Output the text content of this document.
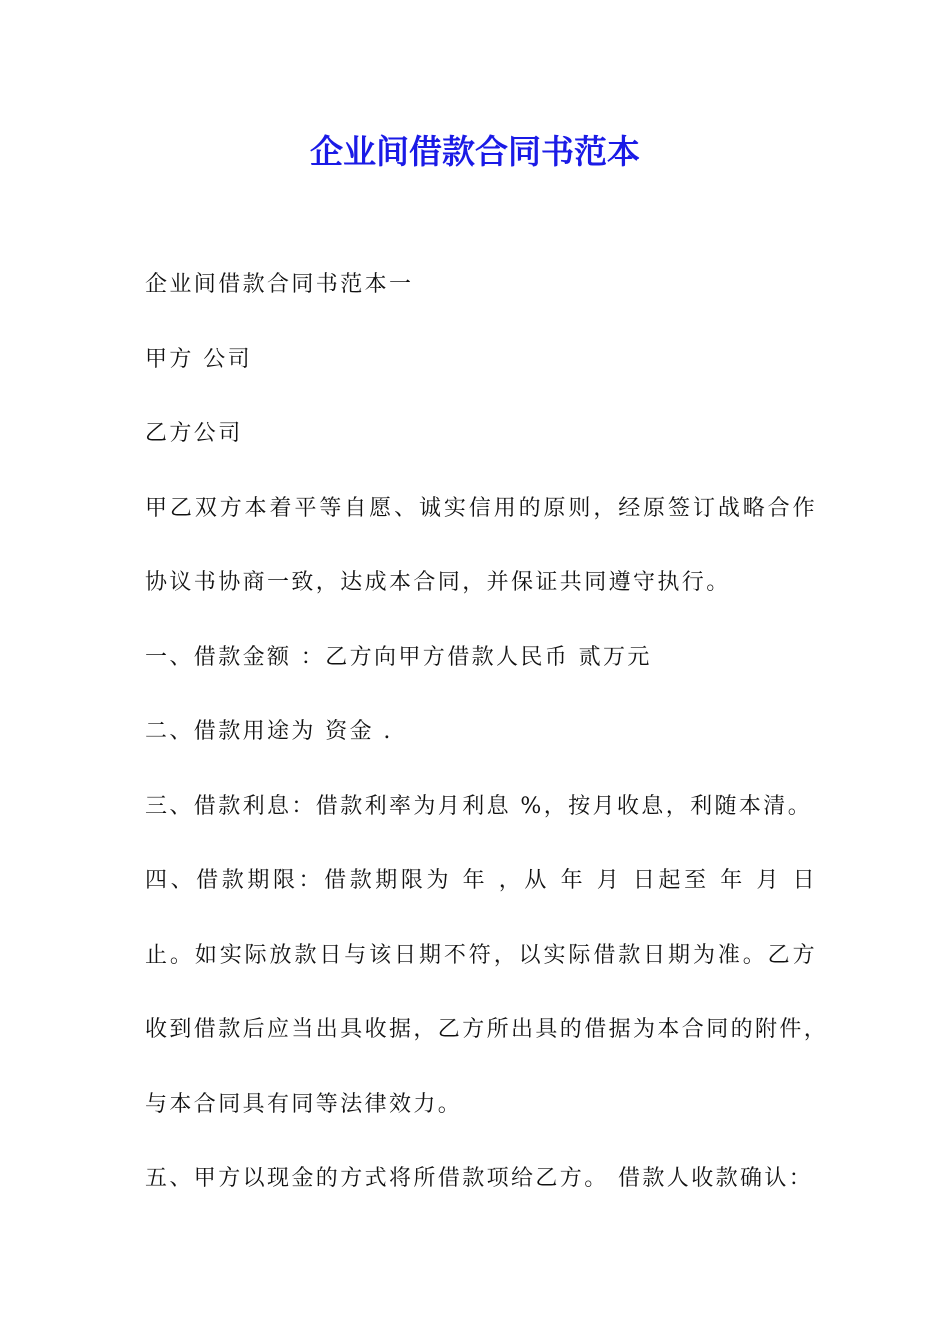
企业间借款合同书范本

企业间借款合同书范本一

甲方 公司

乙方公司

甲乙双方本着平等自愿、诚实信用的原则，经原签订战略合作

协议书协商一致，达成本合同，并保证共同遵守执行。

一、借款金额 ：乙方向甲方借款人民币 贰万元

二、借款用途为 资金 .

三、借款利息：借款利率为月利息 %，按月收息，利随本清。

四、借款期限：借款期限为 年 ，从 年 月 日起至 年 月 日

止。如实际放款日与该日期不符，以实际借款日期为准。乙方

收到借款后应当出具收据，乙方所出具的借据为本合同的附件，

与本合同具有同等法律效力。

五、甲方以现金的方式将所借款项给乙方。 借款人收款确认：
